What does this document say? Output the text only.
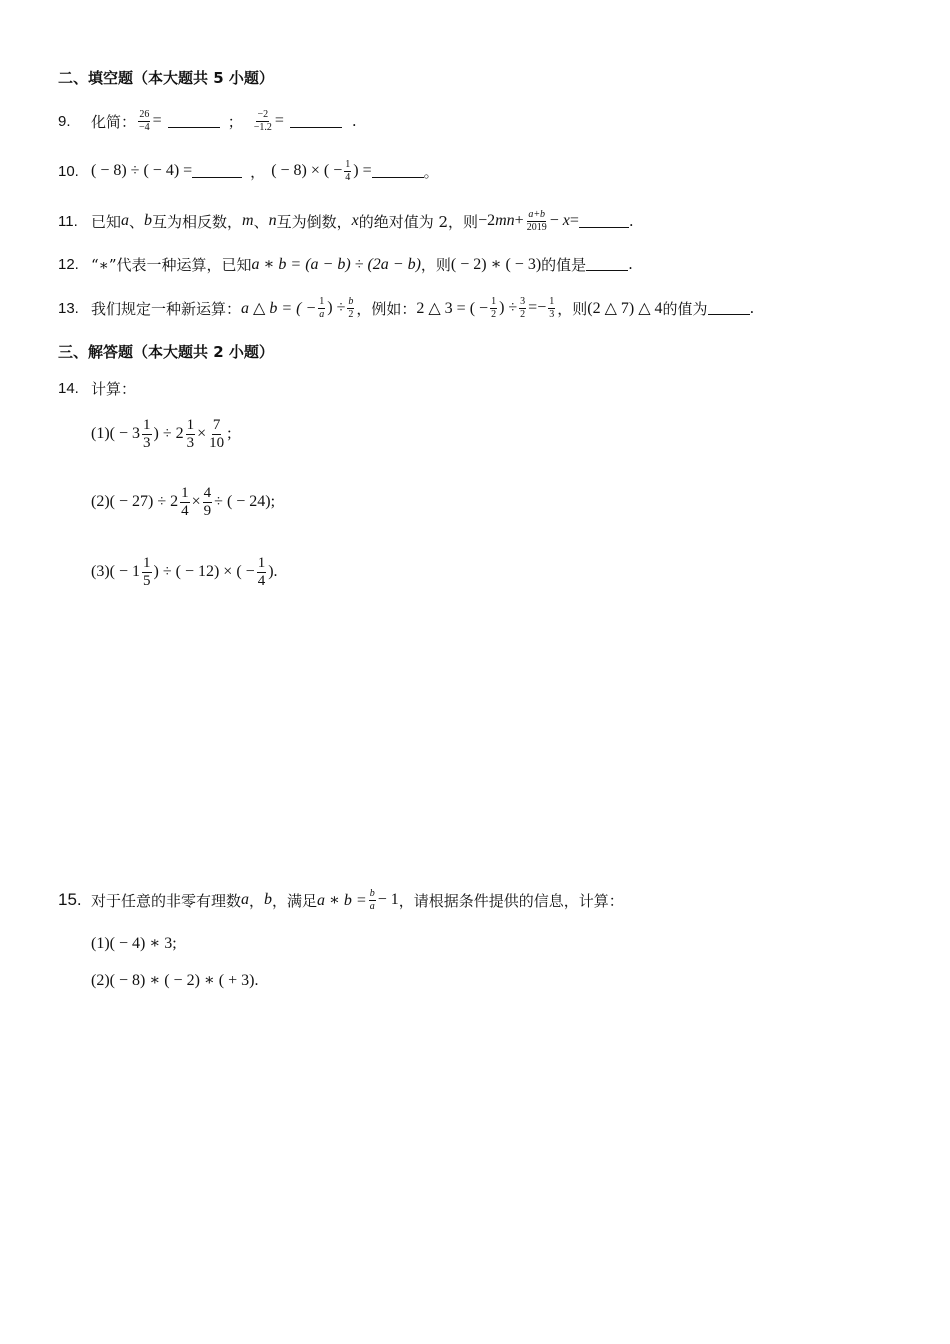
二、填空题（本大题共 5 小题）
9.	化简： $\frac{26}{-4}$ =	； $\frac{-2}{-1.2}$ =	.
10. ( − 8) ÷ ( − 4) =	， ( − 8) × ( − $\frac{1}{4}$ ) =	。
11. 已知 a 、 b 互为相反数， m 、 n 互为倒数， x 的绝对值为 2，则 −2 mn + $\frac{a+b}{2019} - x$ =	.
12. “∗”代表一种运算，已知 a ∗ b = (a − b) ÷ (2a − b) ，则 ( − 2) ∗ ( − 3) 的值是	.
13. 我们规定一种新运算： a △ b = ( − $\frac{1}{a}$ ) ÷ $\frac{b}{2}$ ，例如： 2 △ 3 = ( − $\frac{1}{2}$ ) ÷ $\frac{3}{2} =- \frac{1}{3}$ ，则 (2 △ 7) △ 4 的值为	.
三、解答题（本大题共 2 小题）
14. 计算：
$(1)( - 3 \frac{1}{3}$ ) ÷ $2 \frac{1}{3} \times \frac{7}{10}$ ;
$(2)( - 27) \div 2 \frac{1}{4} \times \frac{4}{9}$ ÷ ( − 24);
$(3)( - 1 \frac{1}{5}$ ) ÷ ( − 12) × ( − $\frac{1}{4}$ ).
15. 对于任意的非零有理数 a ， b ，满足 a ∗ $b = \frac{b}{a} - 1$ ，请根据条件提供的信息，计算：
(1)( − 4) ∗ 3;
(2)( − 8) ∗ ( − 2) ∗ ( + 3).
